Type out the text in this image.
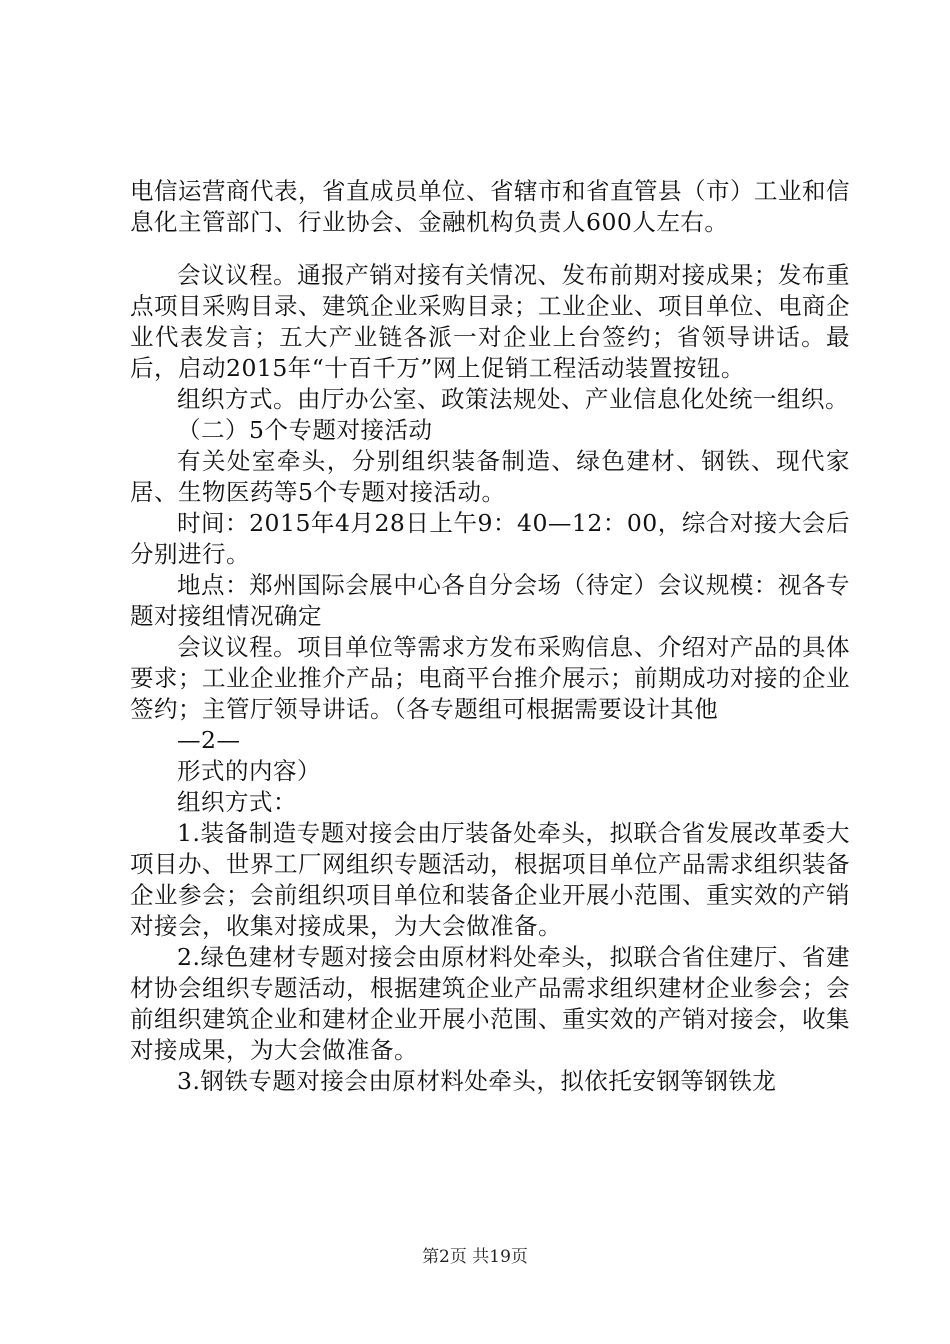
电信运营商代表，省直成员单位、省辖市和省直管县（市）工业和信息化主管部门、行业协会、金融机构负责人600人左右。

会议议程。通报产销对接有关情况、发布前期对接成果；发布重点项目采购目录、建筑企业采购目录；工业企业、项目单位、电商企业代表发言；五大产业链各派一对企业上台签约；省领导讲话。最后，启动2015年“十百千万”网上促销工程活动装置按钮。

组织方式。由厅办公室、政策法规处、产业信息化处统一组织。

（二）5个专题对接活动

有关处室牵头，分别组织装备制造、绿色建材、钢铁、现代家居、生物医药等5个专题对接活动。

时间：2015年4月28日上午9：40—12：00，综合对接大会后分别进行。

地点：郑州国际会展中心各自分会场（待定）会议规模：视各专题对接组情况确定

会议议程。项目单位等需求方发布采购信息、介绍对产品的具体要求；工业企业推介产品；电商平台推介展示；前期成功对接的企业签约；主管厅领导讲话。（各专题组可根据需要设计其他

—2—

形式的内容）

组织方式：

1.装备制造专题对接会由厅装备处牵头，拟联合省发展改革委大项目办、世界工厂网组织专题活动，根据项目单位产品需求组织装备企业参会；会前组织项目单位和装备企业开展小范围、重实效的产销对接会，收集对接成果，为大会做准备。

2.绿色建材专题对接会由原材料处牵头，拟联合省住建厅、省建材协会组织专题活动，根据建筑企业产品需求组织建材企业参会；会前组织建筑企业和建材企业开展小范围、重实效的产销对接会，收集对接成果，为大会做准备。

3.钢铁专题对接会由原材料处牵头，拟依托安钢等钢铁龙

第2页 共19页
